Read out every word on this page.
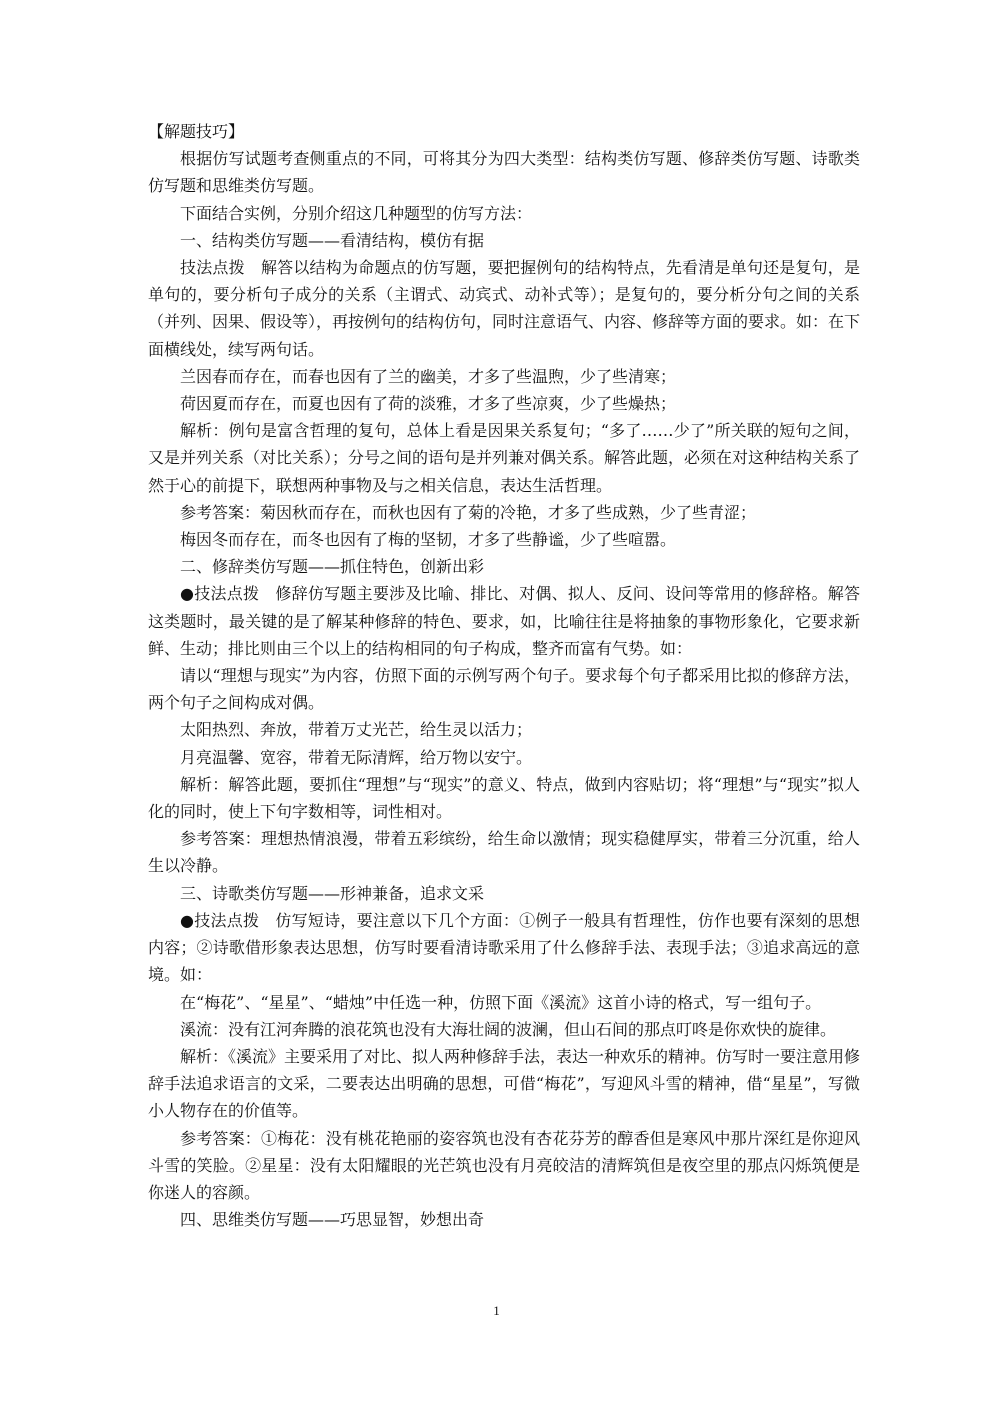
【解题技巧】

根据仿写试题考查侧重点的不同，可将其分为四大类型：结构类仿写题、修辞类仿写题、诗歌类仿写题和思维类仿写题。

下面结合实例，分别介绍这几种题型的仿写方法：

一、结构类仿写题——看清结构，模仿有据

技法点拨　解答以结构为命题点的仿写题，要把握例句的结构特点，先看清是单句还是复句，是单句的，要分析句子成分的关系（主谓式、动宾式、动补式等）；是复句的，要分析分句之间的关系（并列、因果、假设等），再按例句的结构仿句，同时注意语气、内容、修辞等方面的要求。如：在下面横线处，续写两句话。

兰因春而存在，而春也因有了兰的幽美，才多了些温煦，少了些清寒；

荷因夏而存在，而夏也因有了荷的淡雅，才多了些凉爽，少了些燥热；

解析：例句是富含哲理的复句，总体上看是因果关系复句；“多了……少了”所关联的短句之间，又是并列关系（对比关系）；分号之间的语句是并列兼对偶关系。解答此题，必须在对这种结构关系了然于心的前提下，联想两种事物及与之相关信息，表达生活哲理。

参考答案：菊因秋而存在，而秋也因有了菊的冷艳，才多了些成熟，少了些青涩；

梅因冬而存在，而冬也因有了梅的坚韧，才多了些静谧，少了些喧嚣。

二、修辞类仿写题——抓住特色，创新出彩

●技法点拨　修辞仿写题主要涉及比喻、排比、对偶、拟人、反问、设问等常用的修辞格。解答这类题时，最关键的是了解某种修辞的特色、要求，如，比喻往往是将抽象的事物形象化，它要求新鲜、生动；排比则由三个以上的结构相同的句子构成，整齐而富有气势。如：

请以“理想与现实”为内容，仿照下面的示例写两个句子。要求每个句子都采用比拟的修辞方法，两个句子之间构成对偶。

太阳热烈、奔放，带着万丈光芒，给生灵以活力；

月亮温馨、宽容，带着无际清辉，给万物以安宁。

解析：解答此题，要抓住“理想”与“现实”的意义、特点，做到内容贴切；将“理想”与“现实”拟人化的同时，使上下句字数相等，词性相对。

参考答案：理想热情浪漫，带着五彩缤纷，给生命以激情；现实稳健厚实，带着三分沉重，给人生以冷静。

三、诗歌类仿写题——形神兼备，追求文采

●技法点拨　仿写短诗，要注意以下几个方面：①例子一般具有哲理性，仿作也要有深刻的思想内容；②诗歌借形象表达思想，仿写时要看清诗歌采用了什么修辞手法、表现手法；③追求高远的意境。如：

在“梅花”、“星星”、“蜡烛”中任选一种，仿照下面《溪流》这首小诗的格式，写一组句子。

溪流：没有江河奔腾的浪花筑也没有大海壮阔的波澜，但山石间的那点叮咚是你欢快的旋律。

解析：《溪流》主要采用了对比、拟人两种修辞手法，表达一种欢乐的精神。仿写时一要注意用修辞手法追求语言的文采，二要表达出明确的思想，可借“梅花”，写迎风斗雪的精神，借“星星”，写微小人物存在的价值等。

参考答案：①梅花：没有桃花艳丽的姿容筑也没有杏花芬芳的醇香但是寒风中那片深红是你迎风斗雪的笑脸。②星星：没有太阳耀眼的光芒筑也没有月亮皎洁的清辉筑但是夜空里的那点闪烁筑便是你迷人的容颜。

四、思维类仿写题——巧思显智，妙想出奇

1
